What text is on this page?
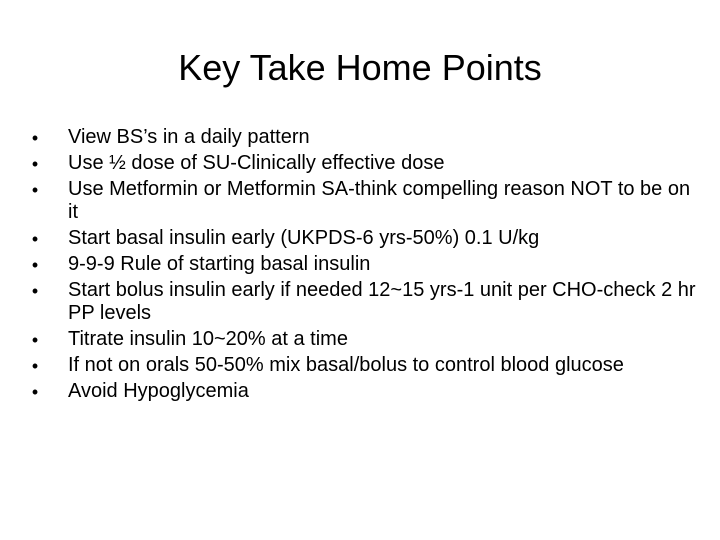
Key Take Home Points
• View BS’s in a daily pattern
• Use ½ dose of SU-Clinically effective dose
• Use Metformin or Metformin SA-think compelling reason NOT to be on it
• Start basal insulin early (UKPDS-6 yrs-50%) 0.1 U/kg
• 9-9-9 Rule of starting basal insulin
• Start bolus insulin early if needed 12~15 yrs-1 unit per CHO-check 2 hr PP levels
• Titrate insulin 10~20% at a time
• If not on orals 50-50% mix basal/bolus to control blood glucose
• Avoid Hypoglycemia
